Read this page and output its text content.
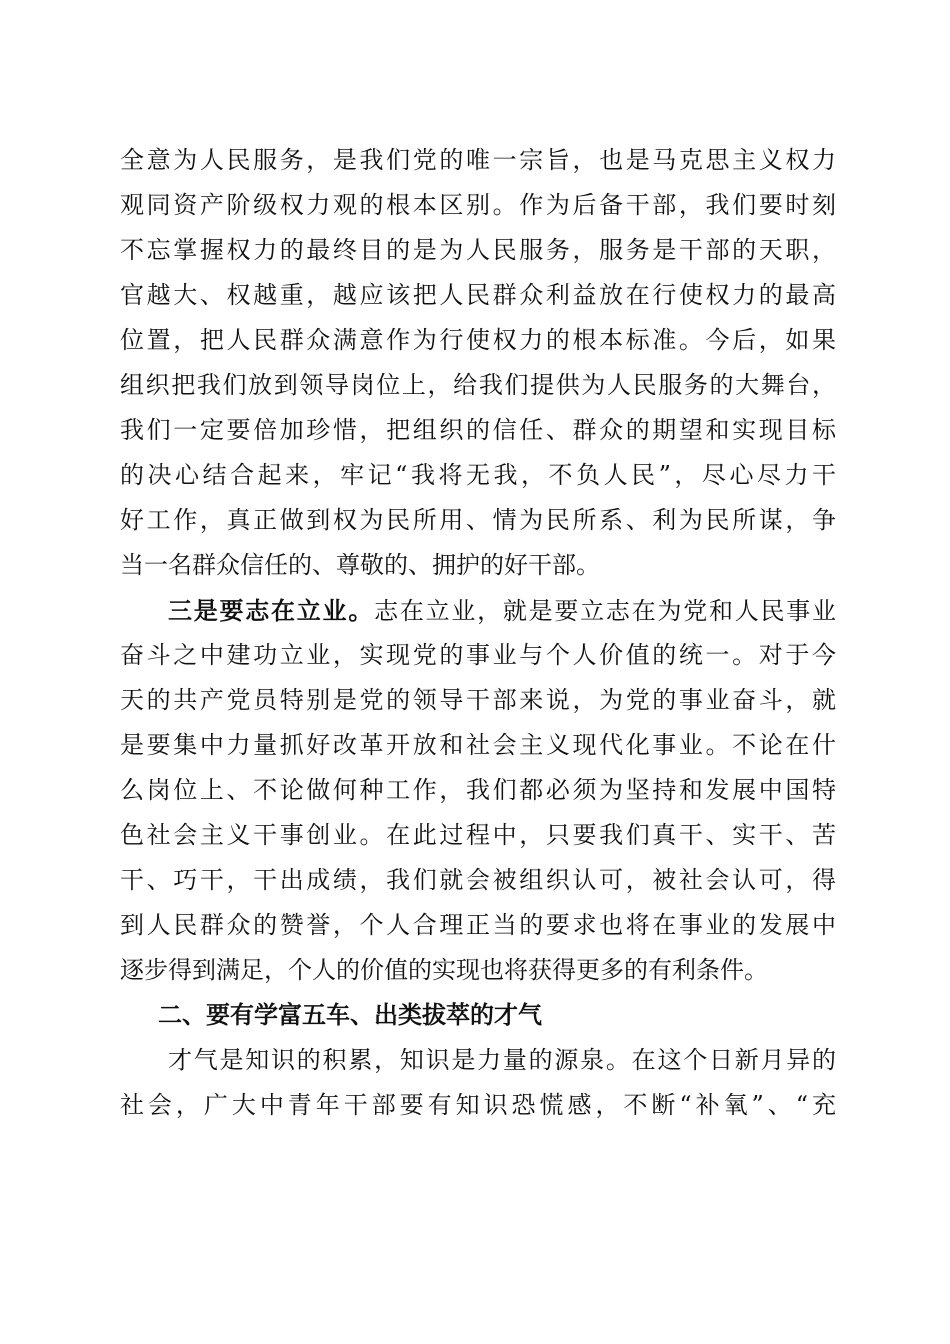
全意为人民服务，是我们党的唯一宗旨，也是马克思主义权力
观同资产阶级权力观的根本区别。作为后备干部，我们要时刻
不忘掌握权力的最终目的是为人民服务，服务是干部的天职，
官越大、权越重，越应该把人民群众利益放在行使权力的最高
位置，把人民群众满意作为行使权力的根本标准。今后，如果
组织把我们放到领导岗位上，给我们提供为人民服务的大舞台，
我们一定要倍加珍惜，把组织的信任、群众的期望和实现目标
的决心结合起来，牢记“我将无我，不负人民”，尽心尽力干
好工作，真正做到权为民所用、情为民所系、利为民所谋，争
当一名群众信任的、尊敬的、拥护的好干部。
三是要志在立业。志在立业，就是要立志在为党和人民事业
奋斗之中建功立业，实现党的事业与个人价值的统一。对于今
天的共产党员特别是党的领导干部来说，为党的事业奋斗，就
是要集中力量抓好改革开放和社会主义现代化事业。不论在什
么岗位上、不论做何种工作，我们都必须为坚持和发展中国特
色社会主义干事创业。在此过程中，只要我们真干、实干、苦
干、巧干，干出成绩，我们就会被组织认可，被社会认可，得
到人民群众的赞誉，个人合理正当的要求也将在事业的发展中
逐步得到满足，个人的价值的实现也将获得更多的有利条件。
二、要有学富五车、出类拔萃的才气
才气是知识的积累，知识是力量的源泉。在这个日新月异的
社会，广大中青年干部要有知识恐慌感，不断“补氧”、“充
